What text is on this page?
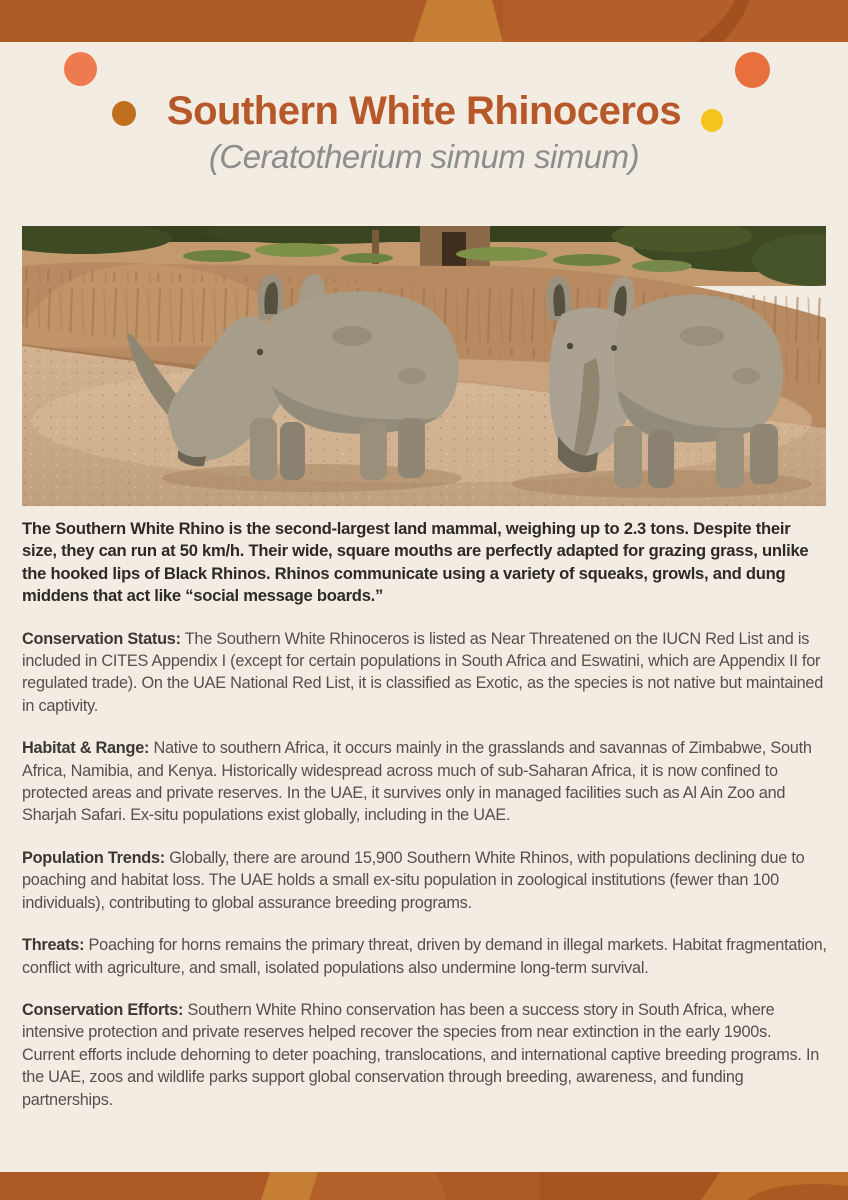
Southern White Rhinoceros

(Ceratotherium simum simum)

The Southern White Rhino is the second-largest land mammal, weighing up to 2.3 tons. Despite their size, they can run at 50 km/h. Their wide, square mouths are perfectly adapted for grazing grass, unlike the hooked lips of Black Rhinos. Rhinos communicate using a variety of squeaks, growls, and dung middens that act like “social message boards.”

Conservation Status: The Southern White Rhinoceros is listed as Near Threatened on the IUCN Red List and is included in CITES Appendix I (except for certain populations in South Africa and Eswatini, which are Appendix II for regulated trade). On the UAE National Red List, it is classified as Exotic, as the species is not native but maintained in captivity.

Habitat & Range: Native to southern Africa, it occurs mainly in the grasslands and savannas of Zimbabwe, South Africa, Namibia, and Kenya. Historically widespread across much of sub-Saharan Africa, it is now confined to protected areas and private reserves. In the UAE, it survives only in managed facilities such as Al Ain Zoo and Sharjah Safari. Ex-situ populations exist globally, including in the UAE.

Population Trends: Globally, there are around 15,900 Southern White Rhinos, with populations declining due to poaching and habitat loss. The UAE holds a small ex-situ population in zoological institutions (fewer than 100 individuals), contributing to global assurance breeding programs.

Threats: Poaching for horns remains the primary threat, driven by demand in illegal markets. Habitat fragmentation, conflict with agriculture, and small, isolated populations also undermine long-term survival.

Conservation Efforts: Southern White Rhino conservation has been a success story in South Africa, where intensive protection and private reserves helped recover the species from near extinction in the early 1900s. Current efforts include dehorning to deter poaching, translocations, and international captive breeding programs. In the UAE, zoos and wildlife parks support global conservation through breeding, awareness, and funding partnerships.
